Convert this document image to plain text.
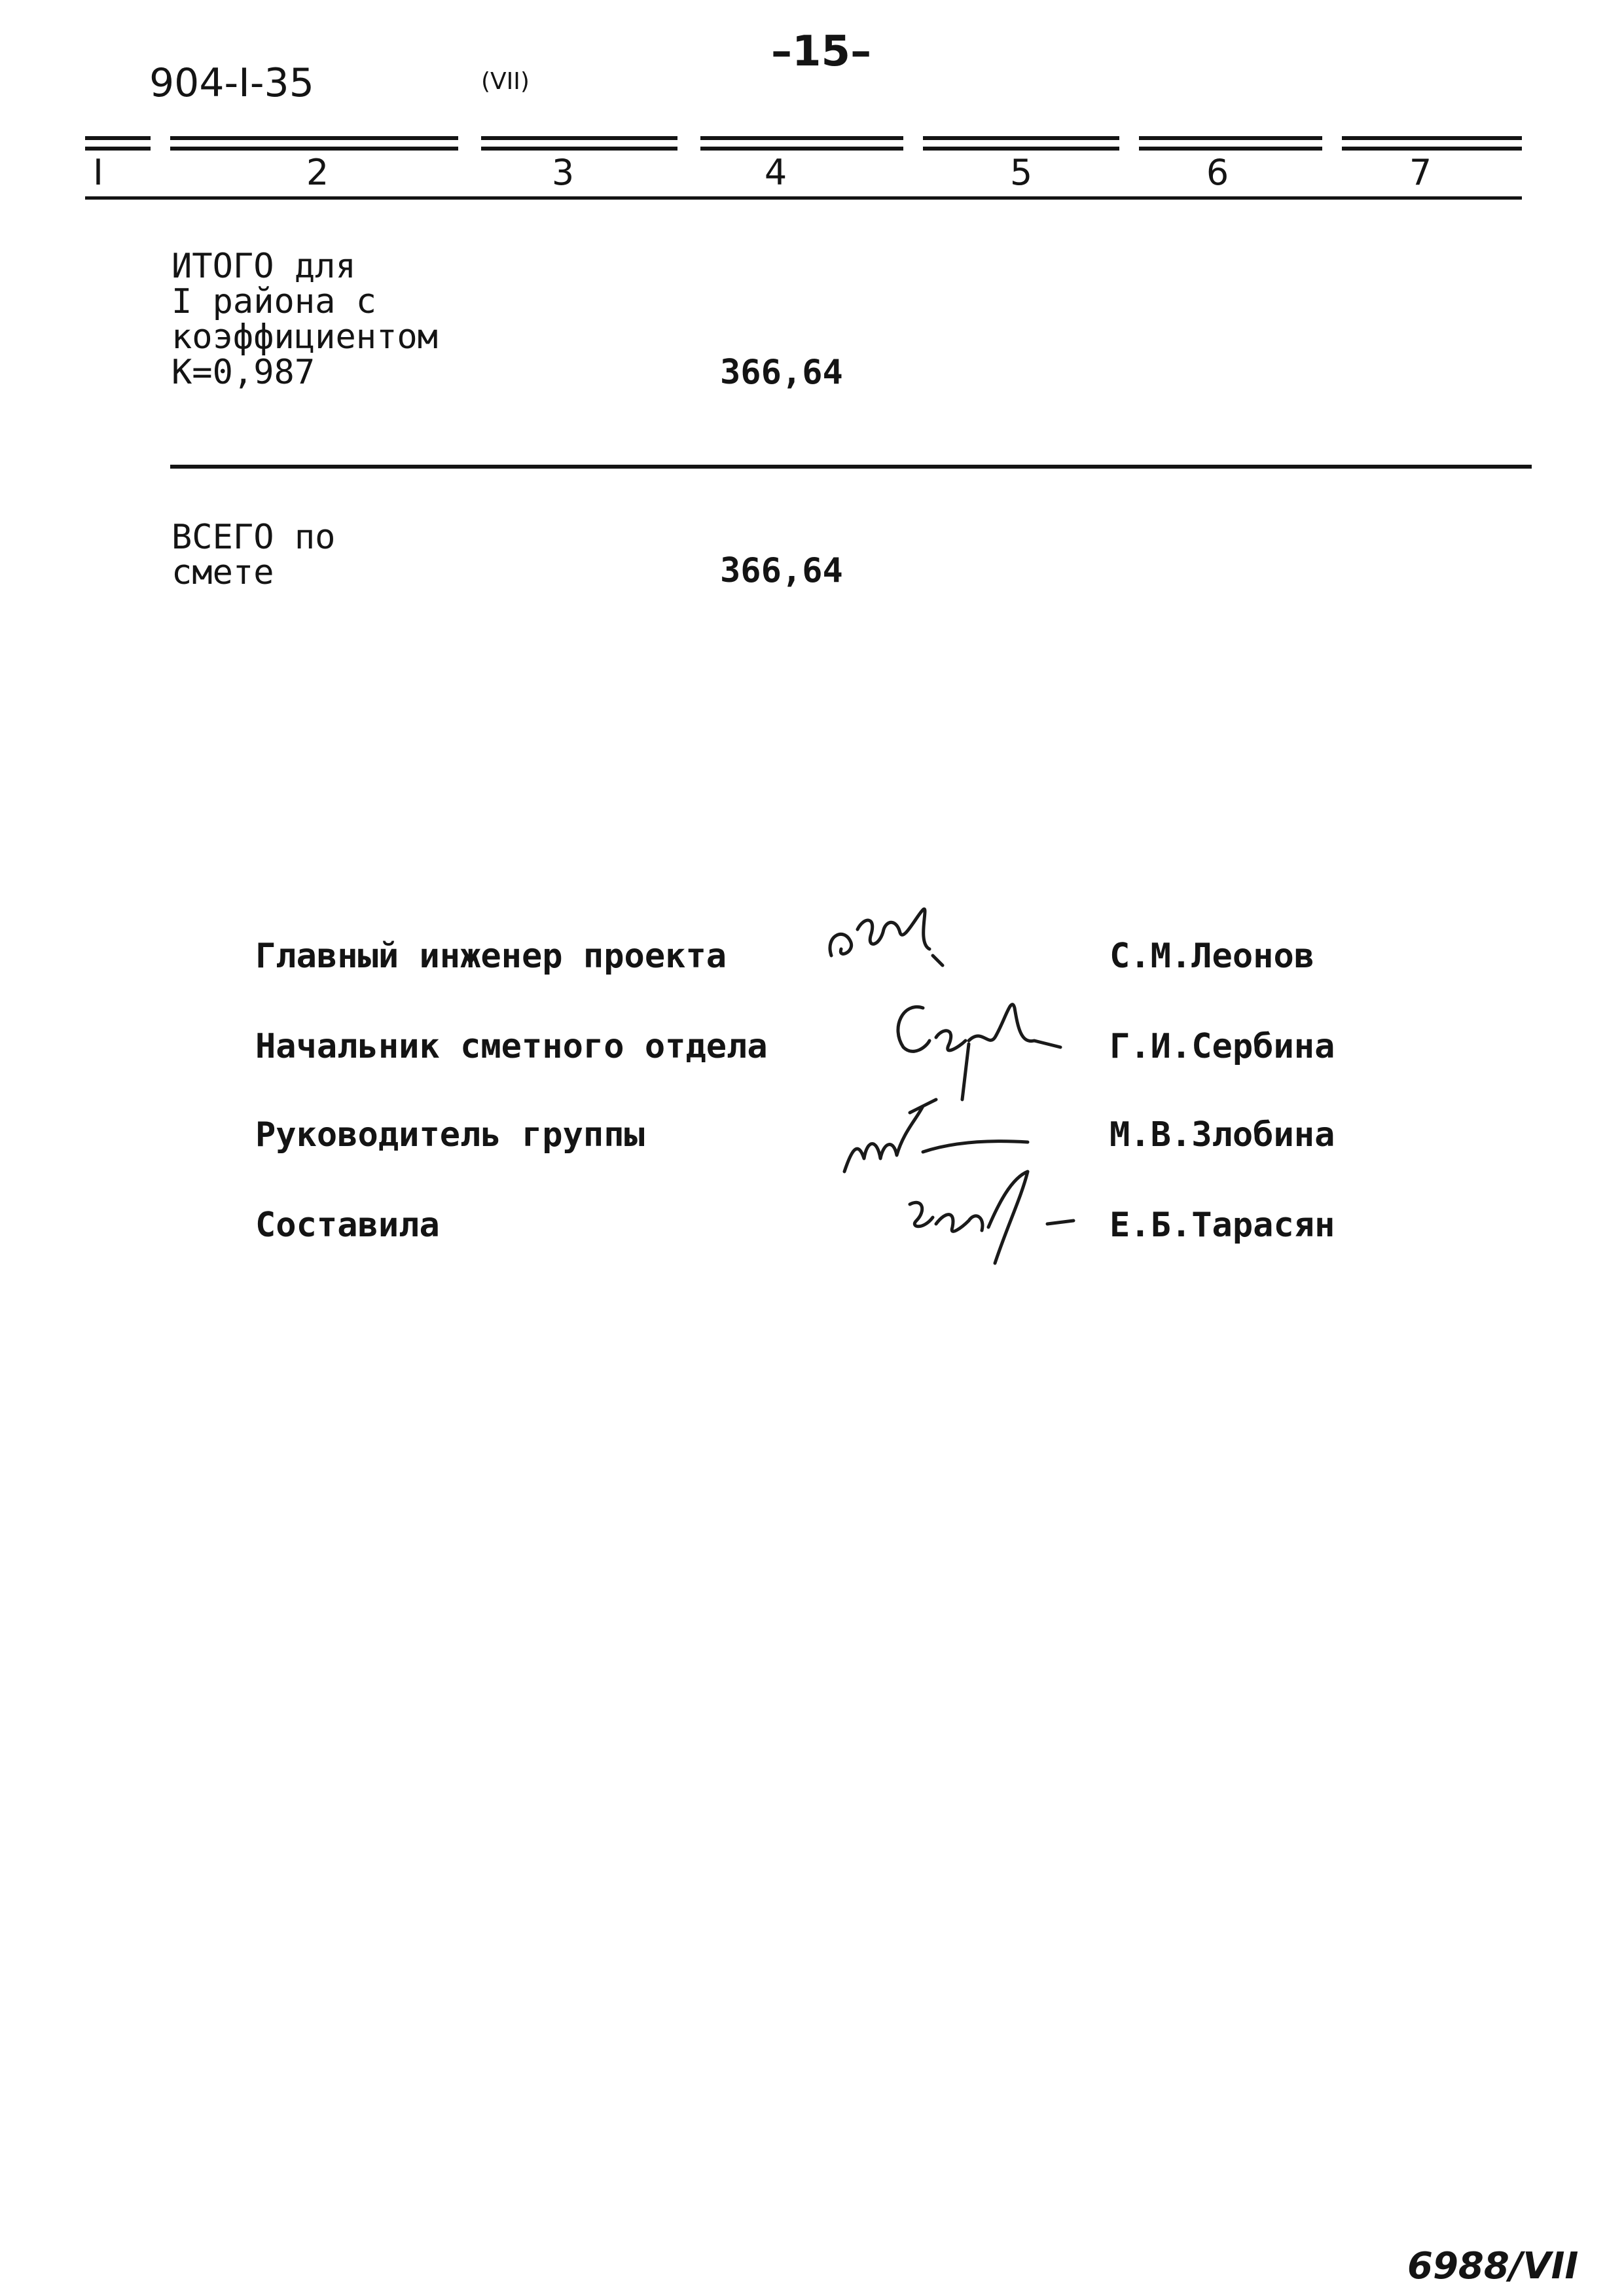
904-I-35	(VII)
–15–
I	2	3	4	5	6	7
ИТОГО для
I района с
коэффициентом
К=0,987	366,64
ВСЕГО по
смете	366,64
Главный инженер проекта	С.М.Леонов
Начальник сметного отдела	Г.И.Сербина
Руководитель группы	М.В.Злобина
Составила	Е.Б.Тарасян
6988/VII
